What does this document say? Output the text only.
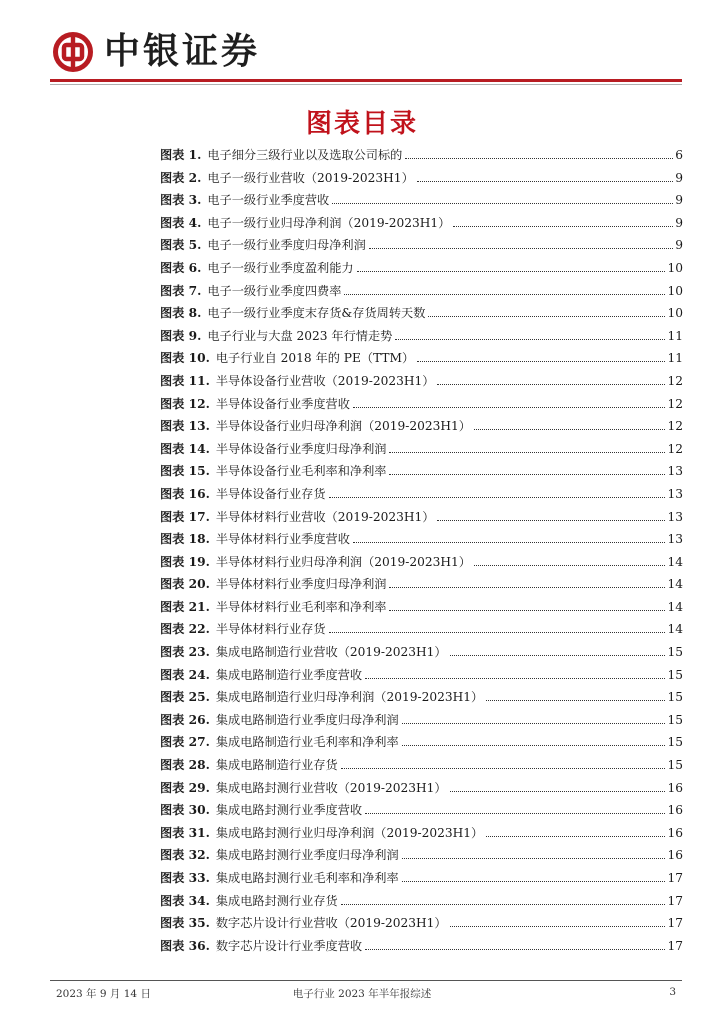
中银证券
图表目录
图表 1. 电子细分三级行业以及选取公司标的	6
图表 2. 电子一级行业营收（2019-2023H1）	9
图表 3. 电子一级行业季度营收	9
图表 4. 电子一级行业归母净利润（2019-2023H1）	9
图表 5. 电子一级行业季度归母净利润	9
图表 6. 电子一级行业季度盈利能力	10
图表 7. 电子一级行业季度四费率	10
图表 8. 电子一级行业季度末存货&存货周转天数	10
图表 9. 电子行业与大盘 2023 年行情走势	11
图表 10. 电子行业自 2018 年的 PE（TTM）	11
图表 11. 半导体设备行业营收（2019-2023H1）	12
图表 12. 半导体设备行业季度营收	12
图表 13. 半导体设备行业归母净利润（2019-2023H1）	12
图表 14. 半导体设备行业季度归母净利润	12
图表 15. 半导体设备行业毛利率和净利率	13
图表 16. 半导体设备行业存货	13
图表 17. 半导体材料行业营收（2019-2023H1）	13
图表 18. 半导体材料行业季度营收	13
图表 19. 半导体材料行业归母净利润（2019-2023H1）	14
图表 20. 半导体材料行业季度归母净利润	14
图表 21. 半导体材料行业毛利率和净利率	14
图表 22. 半导体材料行业存货	14
图表 23. 集成电路制造行业营收（2019-2023H1）	15
图表 24. 集成电路制造行业季度营收	15
图表 25. 集成电路制造行业归母净利润（2019-2023H1）	15
图表 26. 集成电路制造行业季度归母净利润	15
图表 27. 集成电路制造行业毛利率和净利率	15
图表 28. 集成电路制造行业存货	15
图表 29. 集成电路封测行业营收（2019-2023H1）	16
图表 30. 集成电路封测行业季度营收	16
图表 31. 集成电路封测行业归母净利润（2019-2023H1）	16
图表 32. 集成电路封测行业季度归母净利润	16
图表 33. 集成电路封测行业毛利率和净利率	17
图表 34. 集成电路封测行业存货	17
图表 35. 数字芯片设计行业营收（2019-2023H1）	17
图表 36. 数字芯片设计行业季度营收	17
2023 年 9 月 14 日	电子行业 2023 年半年报综述	3
